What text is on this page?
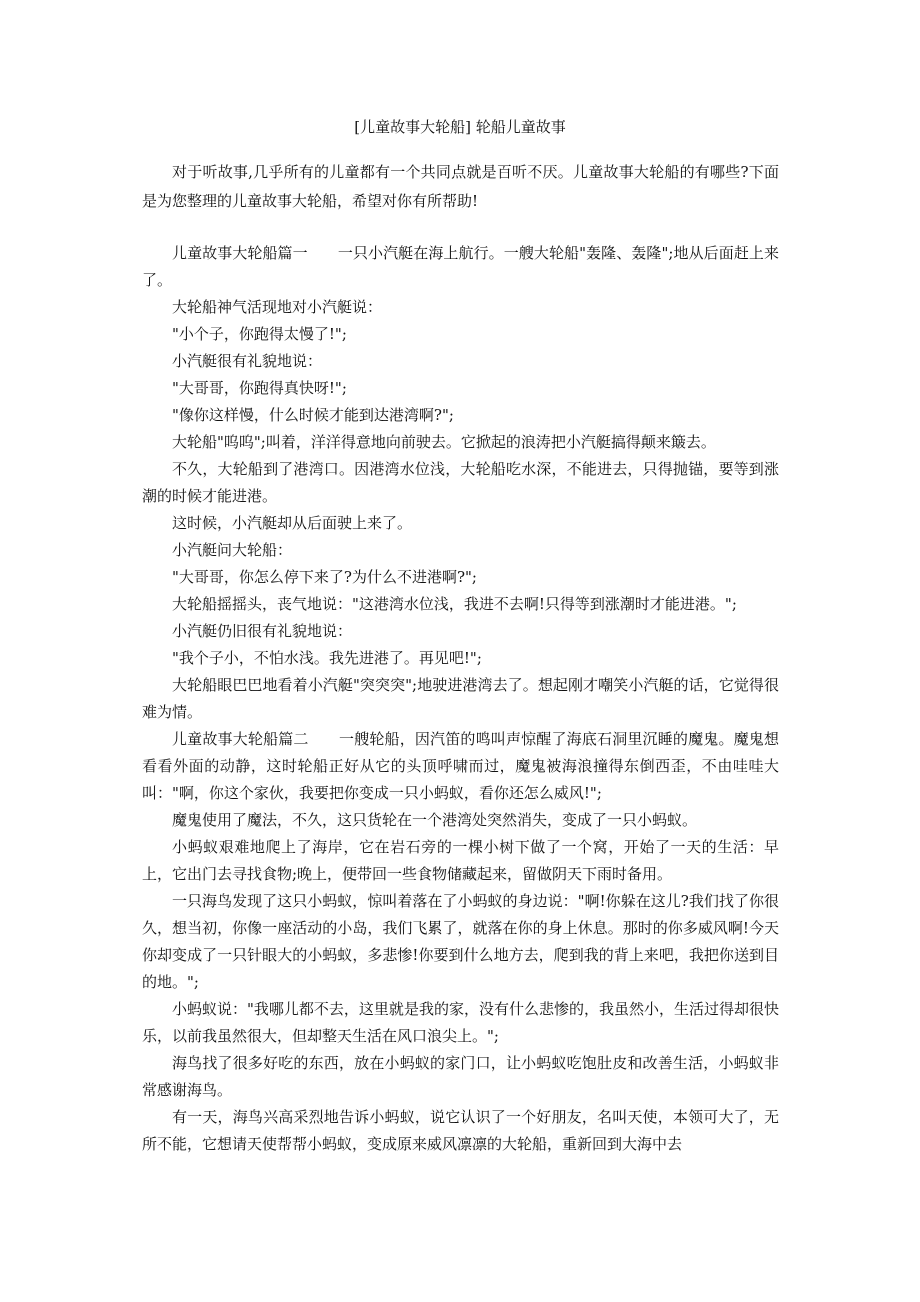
[儿童故事大轮船] 轮船儿童故事

对于听故事,几乎所有的儿童都有一个共同点就是百听不厌。儿童故事大轮船的有哪些?下面是为您整理的儿童故事大轮船，希望对你有所帮助!

儿童故事大轮船篇一　　一只小汽艇在海上航行。一艘大轮船"轰隆、轰隆";地从后面赶上来了。

大轮船神气活现地对小汽艇说：

"小个子，你跑得太慢了!";

小汽艇很有礼貌地说：

"大哥哥，你跑得真快呀!";

"像你这样慢，什么时候才能到达港湾啊?";

大轮船"呜呜";叫着，洋洋得意地向前驶去。它掀起的浪涛把小汽艇搞得颠来簸去。

不久，大轮船到了港湾口。因港湾水位浅，大轮船吃水深，不能进去，只得抛锚，要等到涨潮的时候才能进港。

这时候，小汽艇却从后面驶上来了。

小汽艇问大轮船：

"大哥哥，你怎么停下来了?为什么不进港啊?";

大轮船摇摇头，丧气地说："这港湾水位浅，我进不去啊!只得等到涨潮时才能进港。";

小汽艇仍旧很有礼貌地说：

"我个子小，不怕水浅。我先进港了。再见吧!";

大轮船眼巴巴地看着小汽艇"突突突";地驶进港湾去了。想起刚才嘲笑小汽艇的话，它觉得很难为情。

儿童故事大轮船篇二　　一艘轮船，因汽笛的鸣叫声惊醒了海底石洞里沉睡的魔鬼。魔鬼想看看外面的动静，这时轮船正好从它的头顶呼啸而过，魔鬼被海浪撞得东倒西歪，不由哇哇大叫："啊，你这个家伙，我要把你变成一只小蚂蚁，看你还怎么威风!";

魔鬼使用了魔法，不久，这只货轮在一个港湾处突然消失，变成了一只小蚂蚁。

小蚂蚁艰难地爬上了海岸，它在岩石旁的一棵小树下做了一个窝，开始了一天的生活：早上，它出门去寻找食物;晚上，便带回一些食物储藏起来，留做阴天下雨时备用。

一只海鸟发现了这只小蚂蚁，惊叫着落在了小蚂蚁的身边说："啊!你躲在这儿?我们找了你很久，想当初，你像一座活动的小岛，我们飞累了，就落在你的身上休息。那时的你多威风啊!今天你却变成了一只针眼大的小蚂蚁，多悲惨!你要到什么地方去，爬到我的背上来吧，我把你送到目的地。";

小蚂蚁说："我哪儿都不去，这里就是我的家，没有什么悲惨的，我虽然小，生活过得却很快乐，以前我虽然很大，但却整天生活在风口浪尖上。";

海鸟找了很多好吃的东西，放在小蚂蚁的家门口，让小蚂蚁吃饱肚皮和改善生活，小蚂蚁非常感谢海鸟。

有一天，海鸟兴高采烈地告诉小蚂蚁，说它认识了一个好朋友，名叫天使，本领可大了，无所不能，它想请天使帮帮小蚂蚁，变成原来威风凛凛的大轮船，重新回到大海中去
